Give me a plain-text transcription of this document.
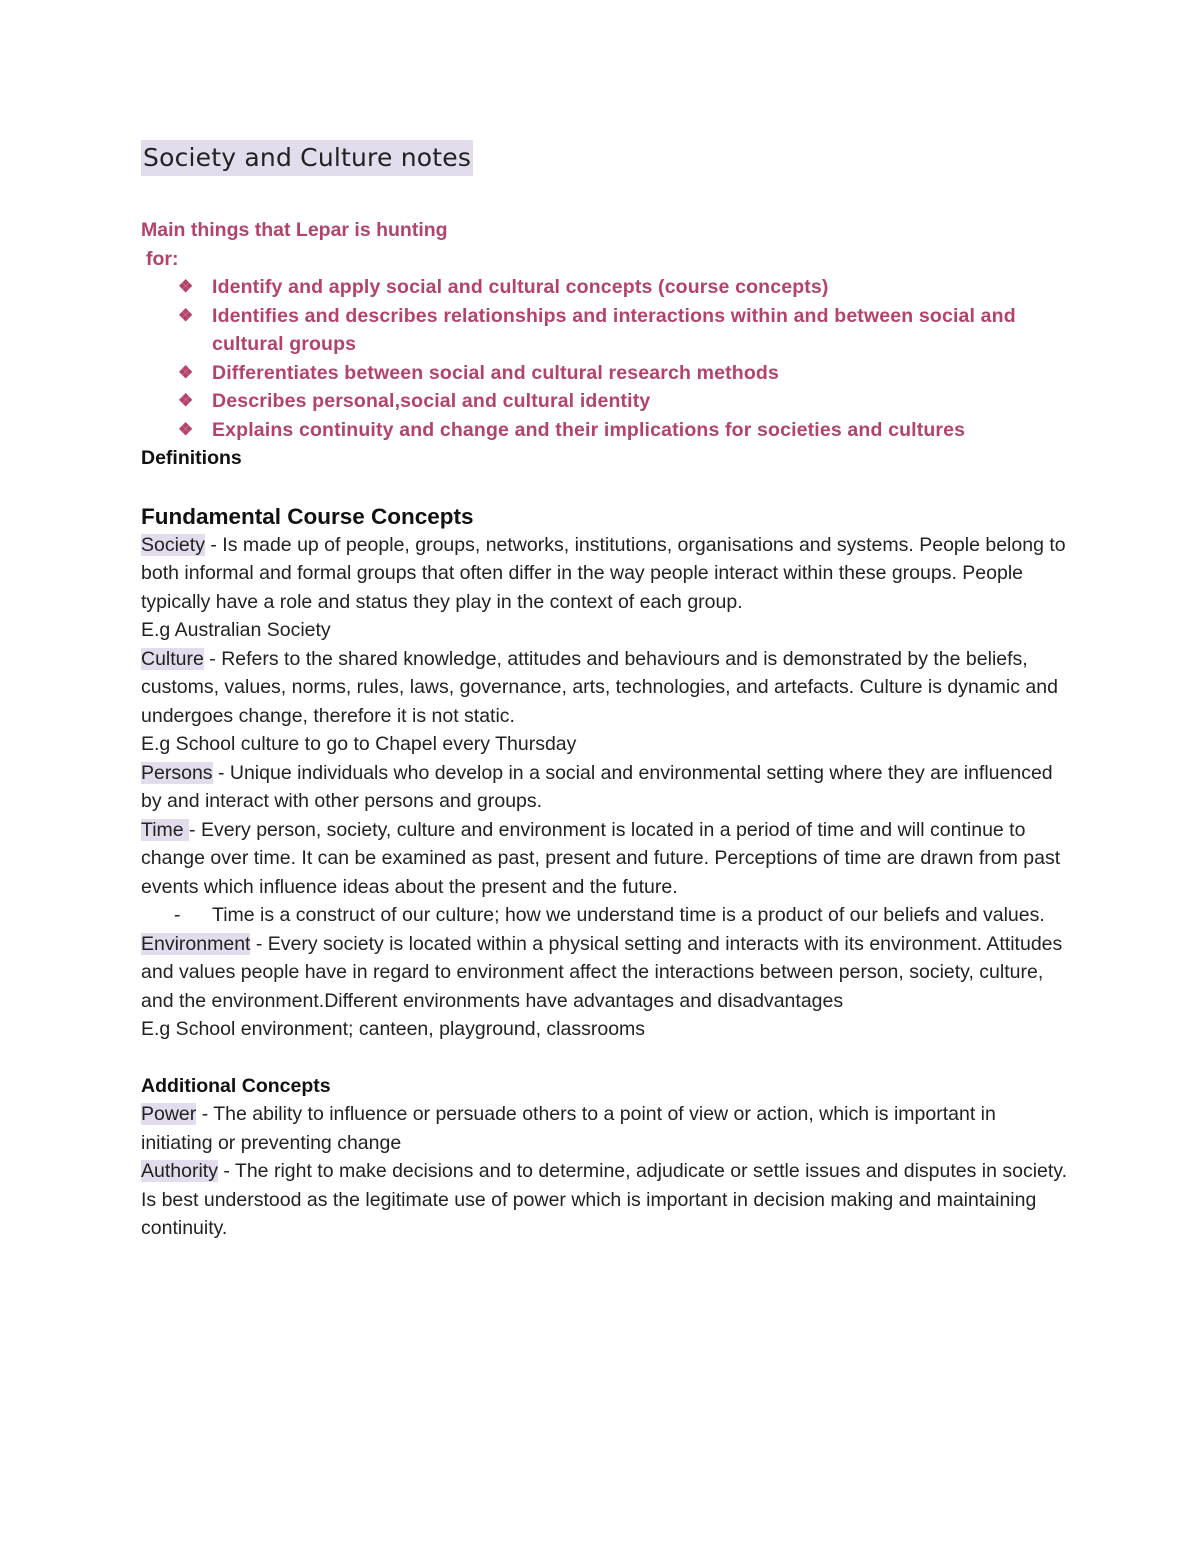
Society and Culture notes
Main things that Lepar is hunting
for:
❖ Identify and apply social and cultural concepts (course concepts)
❖ Identifies and describes relationships and interactions within and between social and cultural groups
❖ Differentiates between social and cultural research methods
❖ Describes personal,social and cultural identity
❖ Explains continuity and change and their implications for societies and cultures
Definitions
Fundamental Course Concepts

Society - Is made up of people, groups, networks, institutions, organisations and systems. People belong to both informal and formal groups that often differ in the way people interact within these groups. People typically have a role and status they play in the context of each group.

E.g Australian Society

Culture - Refers to the shared knowledge, attitudes and behaviours and is demonstrated by the beliefs, customs, values, norms, rules, laws, governance, arts, technologies, and artefacts. Culture is dynamic and undergoes change, therefore it is not static.

E.g School culture to go to Chapel every Thursday

Persons - Unique individuals who develop in a social and environmental setting where they are influenced by and interact with other persons and groups.

Time - Every person, society, culture and environment is located in a period of time and will continue to change over time. It can be examined as past, present and future. Perceptions of time are drawn from past events which influence ideas about the present and the future.

- Time is a construct of our culture; how we understand time is a product of our beliefs and values.

Environment - Every society is located within a physical setting and interacts with its environment. Attitudes and values people have in regard to environment affect the interactions between person, society, culture, and the environment.Different environments have advantages and disadvantages

E.g School environment; canteen, playground, classrooms

Additional Concepts

Power - The ability to influence or persuade others to a point of view or action, which is important in initiating or preventing change

Authority - The right to make decisions and to determine, adjudicate or settle issues and disputes in society. Is best understood as the legitimate use of power which is important in decision making and maintaining continuity.
